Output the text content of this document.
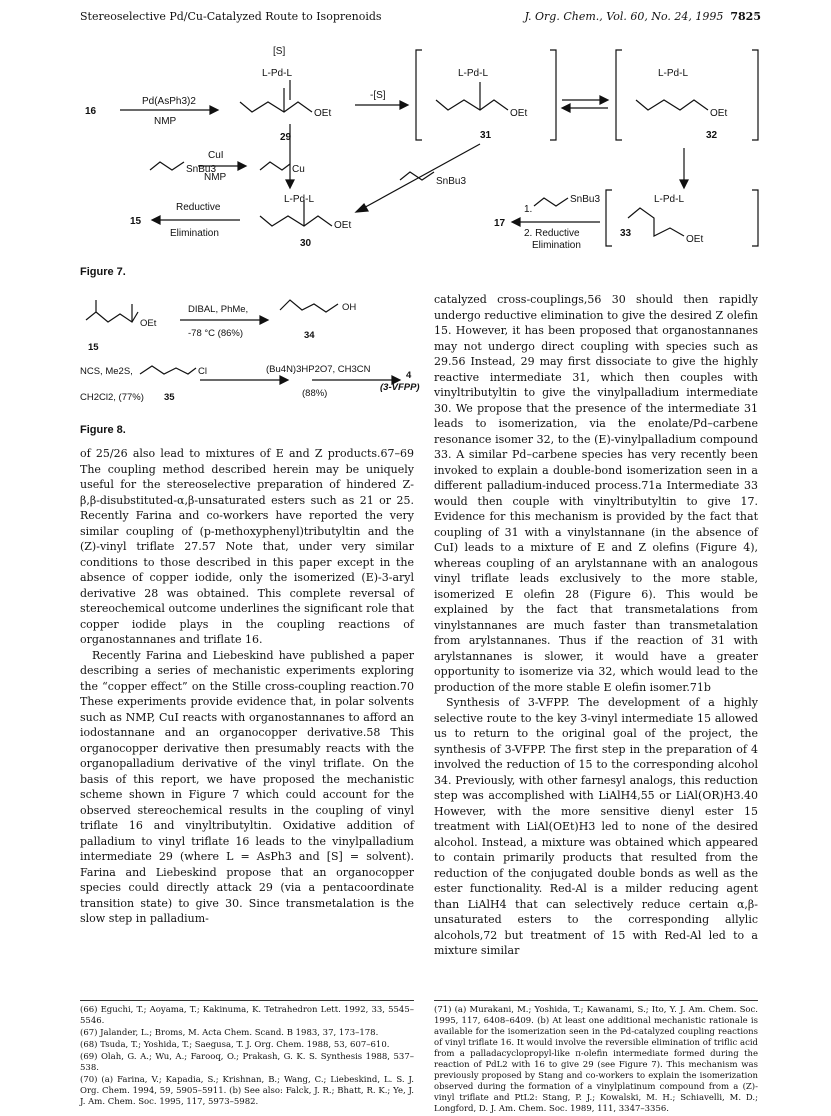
Stereoselective Pd/Cu-Catalyzed Route to Isoprenoids	J. Org. Chem., Vol. 60, No. 24, 1995 7825
16
Pd(AsPh3)2
NMP
[S]
L-Pd-L
OEt
29
-[S]
L-Pd-L
OEt
31
L-Pd-L
OEt
32
SnBu3
CuI
NMP
Cu
Reductive
Elimination
15
L-Pd-L
OEt
30
SnBu3
17
1.
SnBu3
2. Reductive
Elimination
L-Pd-L
33
OEt
Figure 7.
OEt
15
DIBAL, PhMe,
-78 °C (86%)
OH
34
NCS, Me2S,
CH2Cl2, (77%)
Cl
35
(Bu4N)3HP2O7, CH3CN
(88%)
4
(3-VFPP)
Figure 8.

of 25/26 also lead to mixtures of E and Z products.67–69 The coupling method described herein may be uniquely useful for the stereoselective preparation of hindered Z-β,β-disubstituted-α,β-unsaturated esters such as 21 or 25. Recently Farina and co-workers have reported the very similar coupling of (p-methoxyphenyl)tributyltin and the (Z)-vinyl triflate 27.57 Note that, under very similar conditions to those described in this paper except in the absence of copper iodide, only the isomerized (E)-3-aryl derivative 28 was obtained. This complete reversal of stereochemical outcome underlines the significant role that copper iodide plays in the coupling reactions of organostannanes and triflate 16.

Recently Farina and Liebeskind have published a paper describing a series of mechanistic experiments exploring the “copper effect” on the Stille cross-coupling reaction.70 These experiments provide evidence that, in polar solvents such as NMP, CuI reacts with organostannanes to afford an iodostannane and an organocopper derivative.58 This organocopper derivative then presumably reacts with the organopalladium derivative of the vinyl triflate. On the basis of this report, we have proposed the mechanistic scheme shown in Figure 7 which could account for the observed stereochemical results in the coupling of vinyl triflate 16 and vinyltributyltin. Oxidative addition of palladium to vinyl triflate 16 leads to the vinylpalladium intermediate 29 (where L = AsPh3 and [S] = solvent). Farina and Liebeskind propose that an organocopper species could directly attack 29 (via a pentacoordinate transition state) to give 30. Since transmetalation is the slow step in palladium-

catalyzed cross-couplings,56 30 should then rapidly undergo reductive elimination to give the desired Z olefin 15. However, it has been proposed that organostannanes may not undergo direct coupling with species such as 29.56 Instead, 29 may first dissociate to give the highly reactive intermediate 31, which then couples with vinyltributyltin to give the vinylpalladium intermediate 30. We propose that the presence of the intermediate 31 leads to isomerization, via the enolate/Pd–carbene resonance isomer 32, to the (E)-vinylpalladium compound 33. A similar Pd–carbene species has very recently been invoked to explain a double-bond isomerization seen in a different palladium-induced process.71a Intermediate 33 would then couple with vinyltributyltin to give 17. Evidence for this mechanism is provided by the fact that coupling of 31 with a vinylstannane (in the absence of CuI) leads to a mixture of E and Z olefins (Figure 4), whereas coupling of an arylstannane with an analogous vinyl triflate leads exclusively to the more stable, isomerized E olefin 28 (Figure 6). This would be explained by the fact that transmetalations from vinylstannanes are much faster than transmetalation from arylstannanes. Thus if the reaction of 31 with arylstannanes is slower, it would have a greater opportunity to isomerize via 32, which would lead to the production of the more stable E olefin isomer.71b

Synthesis of 3-VFPP. The development of a highly selective route to the key 3-vinyl intermediate 15 allowed us to return to the original goal of the project, the synthesis of 3-VFPP. The first step in the preparation of 4 involved the reduction of 15 to the corresponding alcohol 34. Previously, with other farnesyl analogs, this reduction step was accomplished with LiAlH4,55 or LiAl(OR)H3.40 However, with the more sensitive dienyl ester 15 treatment with LiAl(OEt)H3 led to none of the desired alcohol. Instead, a mixture was obtained which appeared to contain primarily products that resulted from the reduction of the conjugated double bonds as well as the ester functionality. Red-Al is a milder reducing agent than LiAlH4 that can selectively reduce certain α,β-unsaturated esters to the corresponding allylic alcohols,72 but treatment of 15 with Red-Al led to a mixture similar

(66) Eguchi, T.; Aoyama, T.; Kakinuma, K. Tetrahedron Lett. 1992, 33, 5545–5546.

(67) Jalander, L.; Broms, M. Acta Chem. Scand. B 1983, 37, 173–178.

(68) Tsuda, T.; Yoshida, T.; Saegusa, T. J. Org. Chem. 1988, 53, 607–610.

(69) Olah, G. A.; Wu, A.; Farooq, O.; Prakash, G. K. S. Synthesis 1988, 537–538.

(70) (a) Farina, V.; Kapadia, S.; Krishnan, B.; Wang, C.; Liebeskind, L. S. J. Org. Chem. 1994, 59, 5905–5911. (b) See also: Falck, J. R.; Bhatt, R. K.; Ye, J. J. Am. Chem. Soc. 1995, 117, 5973–5982.

(71) (a) Murakani, M.; Yoshida, T.; Kawanami, S.; Ito, Y. J. Am. Chem. Soc. 1995, 117, 6408–6409. (b) At least one additional mechanistic rationale is available for the isomerization seen in the Pd-catalyzed coupling reactions of vinyl triflate 16. It would involve the reversible elimination of triflic acid from a palladacyclopropyl-like π-olefin intermediate formed during the reaction of PdL2 with 16 to give 29 (see Figure 7). This mechanism was previously proposed by Stang and co-workers to explain the isomerization observed during the formation of a vinylplatinum compound from a (Z)-vinyl triflate and PtL2: Stang, P. J.; Kowalski, M. H.; Schiavelli, M. D.; Longford, D. J. Am. Chem. Soc. 1989, 111, 3347–3356.
